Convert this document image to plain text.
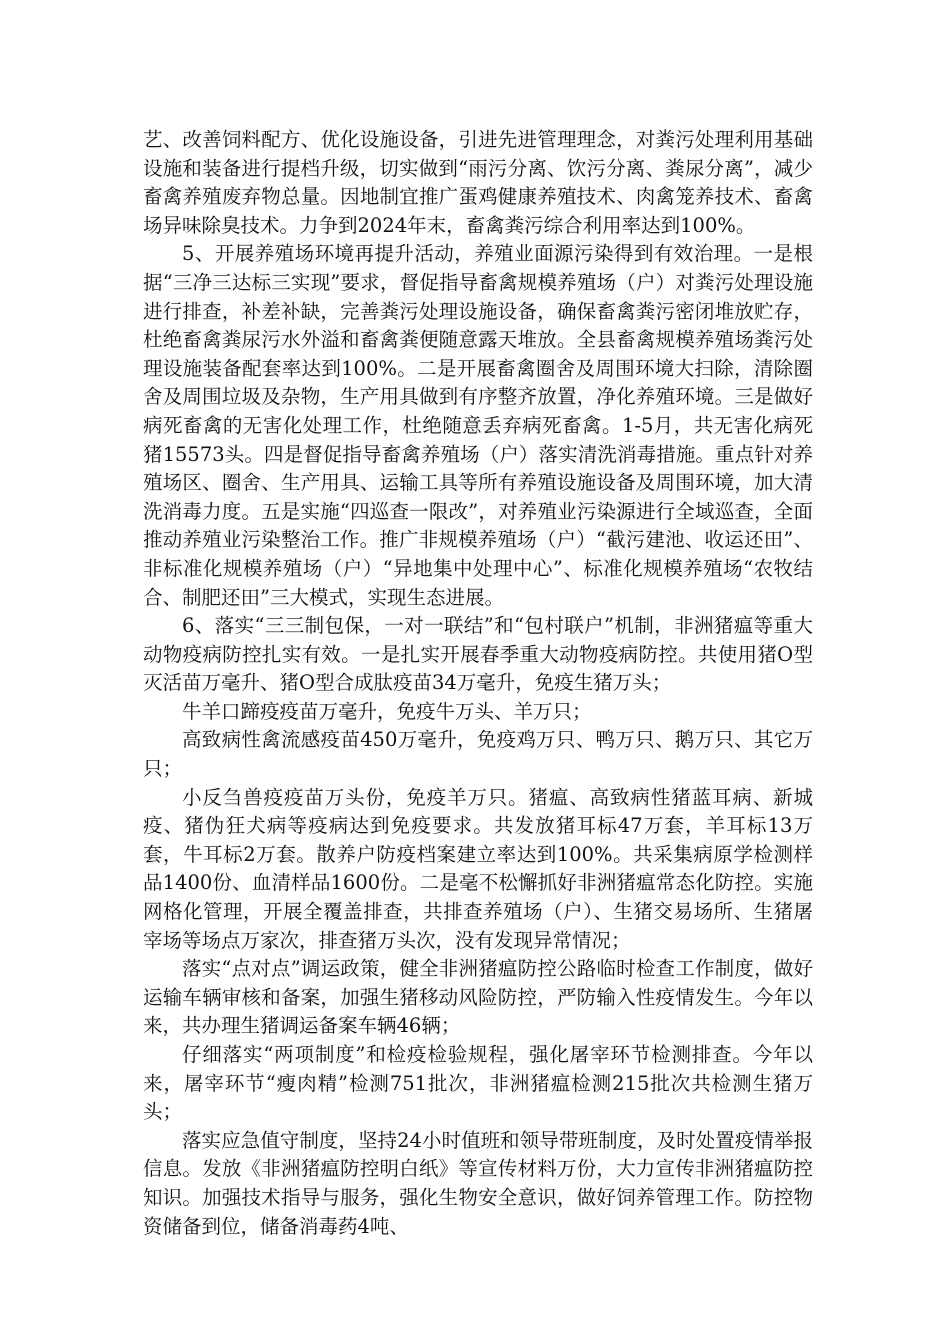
艺、改善饲料配方、优化设施设备，引进先进管理理念，对粪污处理利用基础设施和装备进行提档升级，切实做到“雨污分离、饮污分离、粪尿分离”，减少畜禽养殖废弃物总量。因地制宜推广蛋鸡健康养殖技术、肉禽笼养技术、畜禽场异味除臭技术。力争到2024年末，畜禽粪污综合利用率达到100%。

5、开展养殖场环境再提升活动，养殖业面源污染得到有效治理。一是根据“三净三达标三实现”要求，督促指导畜禽规模养殖场（户）对粪污处理设施进行排查，补差补缺，完善粪污处理设施设备，确保畜禽粪污密闭堆放贮存，杜绝畜禽粪尿污水外溢和畜禽粪便随意露天堆放。全县畜禽规模养殖场粪污处理设施装备配套率达到100%。二是开展畜禽圈舍及周围环境大扫除，清除圈舍及周围垃圾及杂物，生产用具做到有序整齐放置，净化养殖环境。三是做好病死畜禽的无害化处理工作，杜绝随意丢弃病死畜禽。1-5月，共无害化病死猪15573头。四是督促指导畜禽养殖场（户）落实清洗消毒措施。重点针对养殖场区、圈舍、生产用具、运输工具等所有养殖设施设备及周围环境，加大清洗消毒力度。五是实施“四巡查一限改”，对养殖业污染源进行全域巡查，全面推动养殖业污染整治工作。推广非规模养殖场（户）“截污建池、收运还田”、非标准化规模养殖场（户）“异地集中处理中心”、标准化规模养殖场“农牧结合、制肥还田”三大模式，实现生态进展。

6、落实“三三制包保，一对一联结”和“包村联户”机制，非洲猪瘟等重大动物疫病防控扎实有效。一是扎实开展春季重大动物疫病防控。共使用猪O型灭活苗万毫升、猪O型合成肽疫苗34万毫升，免疫生猪万头；

牛羊口蹄疫疫苗万毫升，免疫牛万头、羊万只；

高致病性禽流感疫苗450万毫升，免疫鸡万只、鸭万只、鹅万只、其它万只；

小反刍兽疫疫苗万头份，免疫羊万只。猪瘟、高致病性猪蓝耳病、新城疫、猪伪狂犬病等疫病达到免疫要求。共发放猪耳标47万套，羊耳标13万套，牛耳标2万套。散养户防疫档案建立率达到100%。共采集病原学检测样品1400份、血清样品1600份。二是毫不松懈抓好非洲猪瘟常态化防控。实施网格化管理，开展全覆盖排查，共排查养殖场（户）、生猪交易场所、生猪屠宰场等场点万家次，排查猪万头次，没有发现异常情况；

落实“点对点”调运政策，健全非洲猪瘟防控公路临时检查工作制度，做好运输车辆审核和备案，加强生猪移动风险防控，严防输入性疫情发生。今年以来，共办理生猪调运备案车辆46辆；

仔细落实“两项制度”和检疫检验规程，强化屠宰环节检测排查。今年以来，屠宰环节“瘦肉精”检测751批次，非洲猪瘟检测215批次共检测生猪万头；

落实应急值守制度，坚持24小时值班和领导带班制度，及时处置疫情举报信息。发放《非洲猪瘟防控明白纸》等宣传材料万份，大力宣传非洲猪瘟防控知识。加强技术指导与服务，强化生物安全意识，做好饲养管理工作。防控物资储备到位，储备消毒药4吨、
